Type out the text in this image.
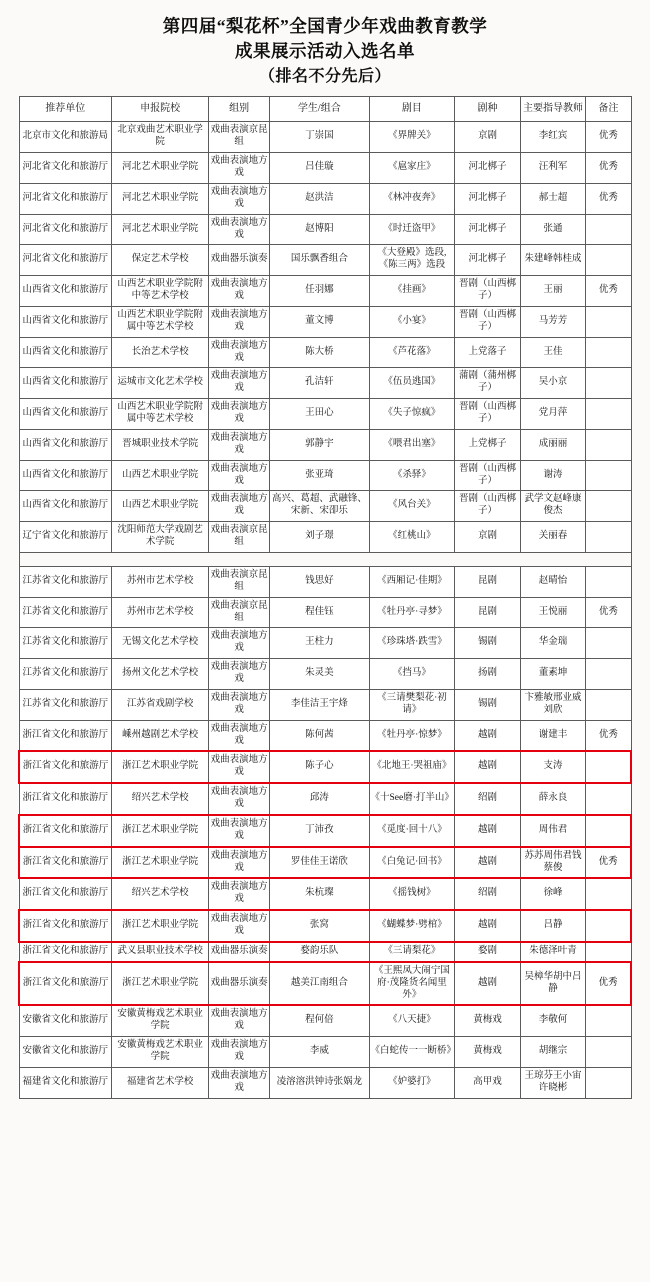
第四届“梨花杯”全国青少年戏曲教育教学
成果展示活动入选名单
（排名不分先后）
推荐单位	申报院校	组别	学生/组合	剧目	剧种	主要指导教师	备注
北京市文化和旅游局	北京戏曲艺术职业学院	戏曲表演京昆组	丁崇国	《界牌关》	京剧	李红宾	优秀
河北省文化和旅游厅	河北艺术职业学院	戏曲表演地方戏	吕佳璇	《扈家庄》	河北梆子	汪利军	优秀
河北省文化和旅游厅	河北艺术职业学院	戏曲表演地方戏	赵洪洁	《林冲夜奔》	河北梆子	郝士超	优秀
河北省文化和旅游厅	河北艺术职业学院	戏曲表演地方戏	赵博阳	《时迁盗甲》	河北梆子	张通	
河北省文化和旅游厅	保定艺术学校	戏曲器乐演奏	国乐飘香组合	《大登殿》选段,《陈三两》选段	河北梆子	朱建峰韩桂成	
山西省文化和旅游厅	山西艺术职业学院附中等艺术学校	戏曲表演地方戏	任羽娜	《挂画》	晋剧（山西梆子）	王丽	优秀
山西省文化和旅游厅	山西艺术职业学院附属中等艺术学校	戏曲表演地方戏	董文博	《小宴》	晋剧（山西梆子）	马芳芳	
山西省文化和旅游厅	长治艺术学校	戏曲表演地方戏	陈大桥	《芦花落》	上党落子	王佳	
山西省文化和旅游厅	运城市文化艺术学校	戏曲表演地方戏	孔洁轩	《伍员逃国》	蒲剧（蒲州梆子）	吴小京	
山西省文化和旅游厅	山西艺术职业学院附属中等艺术学校	戏曲表演地方戏	王田心	《失子惊疯》	晋剧（山西梆子）	党月萍	
山西省文化和旅游厅	晋城职业技术学院	戏曲表演地方戏	郭静宇	《喂君出塞》	上党梆子	成丽丽	
山西省文化和旅游厅	山西艺术职业学院	戏曲表演地方戏	张亚琦	《杀驿》	晋剧（山西梆子）	谢涛	
山西省文化和旅游厅	山西艺术职业学院	戏曲表演地方戏	高兴、葛超、武融锋、宋新、宋卲乐	《风台关》	晋剧（山西梆子）	武学文赵峰康俊杰	
辽宁省文化和旅游厅	沈阳师范大学戏剧艺术学院	戏曲表演京昆组	刘子璟	《红桃山》	京剧	关丽春	

江苏省文化和旅游厅	苏州市艺术学校	戏曲表演京昆组	钱思好	《西厢记·佳期》	昆剧	赵晴怡	
江苏省文化和旅游厅	苏州市艺术学校	戏曲表演京昆组	程佳钰	《牡丹亭·寻梦》	昆剧	王悦丽	优秀
江苏省文化和旅游厅	无锡文化艺术学校	戏曲表演地方戏	王柱力	《珍珠塔·跌雪》	锡剧	华金瑞	
江苏省文化和旅游厅	扬州文化艺术学校	戏曲表演地方戏	朱灵美	《挡马》	扬剧	董素坤	
江苏省文化和旅游厅	江苏省戏剧学校	戏曲表演地方戏	李佳洁王宇烽	《三请樊梨花·初请》	锡剧	卞雅敏邢业威刘欣	
浙江省文化和旅游厅	嵊州越剧艺术学校	戏曲表演地方戏	陈何茜	《牡丹亭·惊梦》	越剧	谢建丰	优秀
浙江省文化和旅游厅	浙江艺术职业学院	戏曲表演地方戏	陈子心	《北地王·哭祖庙》	越剧	支涛	
浙江省文化和旅游厅	绍兴艺术学校	戏曲表演地方戏	邱涛	《十See磨·打半山》	绍剧	薛永良	
浙江省文化和旅游厅	浙江艺术职业学院	戏曲表演地方戏	丁沛孜	《觅度·回十八》	越剧	周伟君	
浙江省文化和旅游厅	浙江艺术职业学院	戏曲表演地方戏	罗佳佳王诺欣	《白兔记·回书》	越剧	苏苏周伟君钱蔡俊	优秀
浙江省文化和旅游厅	绍兴艺术学校	戏曲表演地方戏	朱杭璨	《摇钱树》	绍剧	徐峰	
浙江省文化和旅游厅	浙江艺术职业学院	戏曲表演地方戏	张窝	《蝴蝶梦·劈棺》	越剧	吕静	
浙江省文化和旅游厅	武义县职业技术学校	戏曲器乐演奏	婺韵乐队	《三请梨花》	婺剧	朱德泽叶青	
浙江省文化和旅游厅	浙江艺术职业学院	戏曲器乐演奏	越美江南组合	《王熙凤大闹宁国府·茂隆货名闻里外》	越剧	吴樟华胡中吕静	优秀
安徽省文化和旅游厅	安徽黄梅戏艺术职业学院	戏曲表演地方戏	程何倍	《八天捷》	黄梅戏	李敬何	
安徽省文化和旅游厅	安徽黄梅戏艺术职业学院	戏曲表演地方戏	李威	《白蛇传一一断桥》	黄梅戏	胡继宗	
福建省文化和旅游厅	福建省艺术学校	戏曲表演地方戏	凌溶溶洪钟诗张娲龙	《妒婆打》	高甲戏	王琼芬王小宙许晓彬	
